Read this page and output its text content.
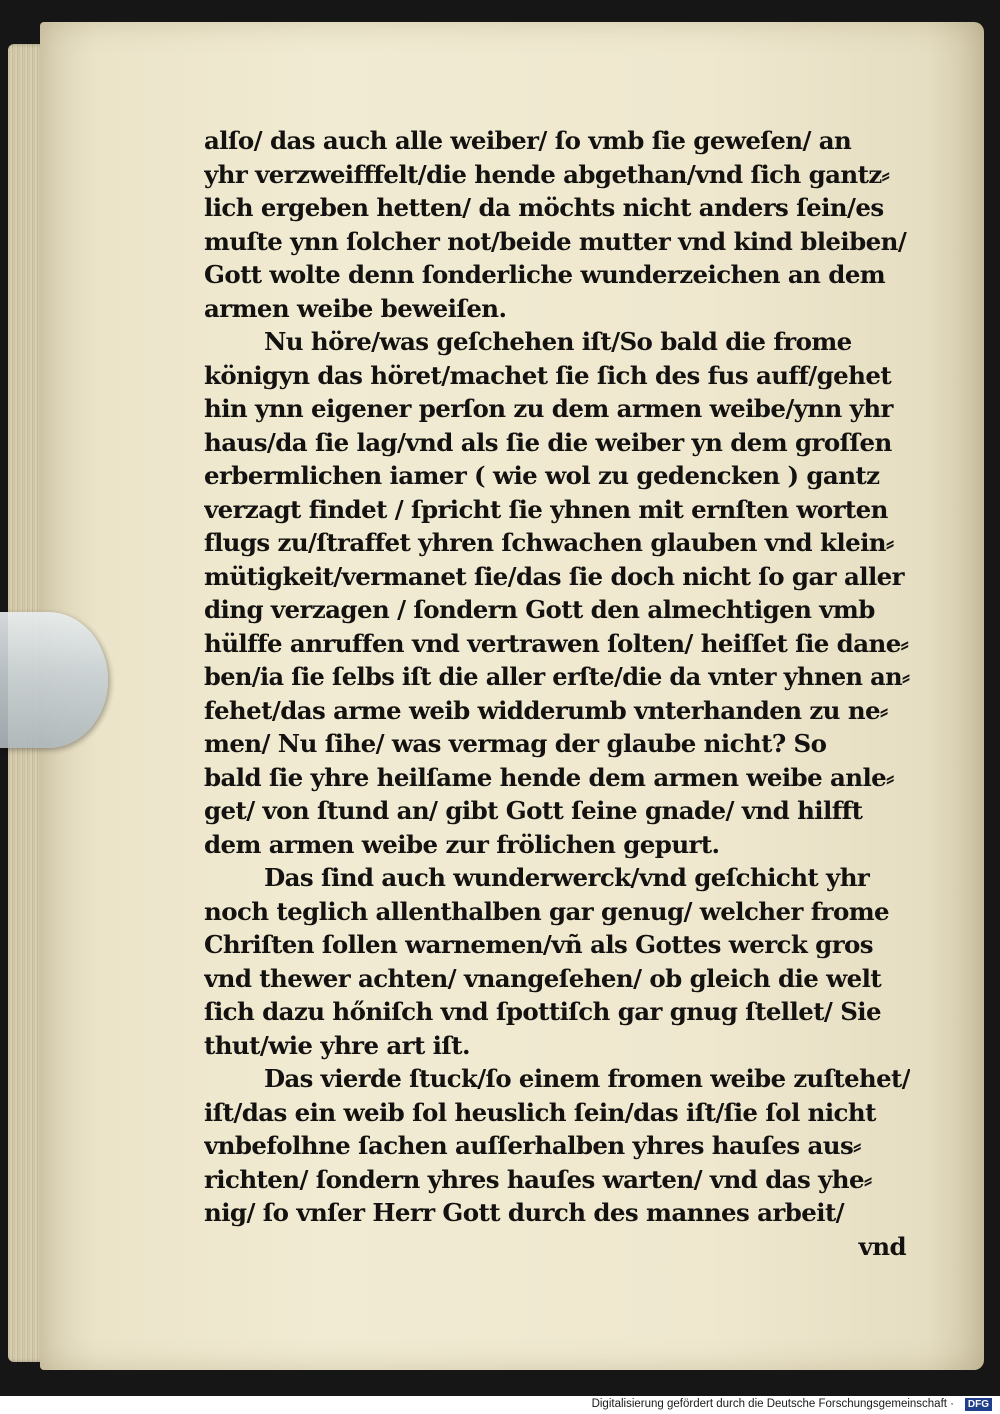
alſo/ das auch alle weiber/ ſo vmb ſie geweſen/ an
yhr verzweifffelt/die hende abgethan/vnd ſich gantz⸗
lich ergeben hetten/ da möchts nicht anders ſein/es
muſte ynn ſolcher not/beide mutter vnd kind bleiben/
Gott wolte denn ſonderliche wunderzeichen an dem
armen weibe beweiſen.
Nu höre/was geſchehen iſt/So bald die frome
königyn das höret/machet ſie ſich des fus auff/gehet
hin ynn eigener perſon zu dem armen weibe/ynn yhr
haus/da ſie lag/vnd als ſie die weiber yn dem groſſen
erbermlichen iamer ( wie wol zu gedencken ) gantz
verzagt findet / ſpricht ſie yhnen mit ernſten worten
flugs zu/ſtraffet yhren ſchwachen glauben vnd klein⸗
mütigkeit/vermanet ſie/das ſie doch nicht ſo gar aller
ding verzagen / ſondern Gott den almechtigen vmb
hülffe anruffen vnd vertrawen ſolten/ heiſſet ſie dane⸗
ben/ia ſie ſelbs iſt die aller erſte/die da vnter yhnen an⸗
fehet/das arme weib widderumb vnterhanden zu ne⸗
men/ Nu ſihe/ was vermag der glaube nicht? So
bald ſie yhre heilſame hende dem armen weibe anle⸗
get/ von ſtund an/ gibt Gott ſeine gnade/ vnd hilfft
dem armen weibe zur frölichen gepurt.
Das ſind auch wunderwerck/vnd geſchicht yhr
noch teglich allenthalben gar genug/ welcher frome
Chriſten ſollen warnemen/vñ als Gottes werck gros
vnd thewer achten/ vnangeſehen/ ob gleich die welt
ſich dazu hőniſch vnd ſpottiſch gar gnug ſtellet/ Sie
thut/wie yhre art iſt.
Das vierde ſtuck/ſo einem fromen weibe zuſtehet/
iſt/das ein weib ſol heuslich ſein/das iſt/ſie ſol nicht
vnbefolhne ſachen auſſerhalben yhres hauſes aus⸗
richten/ ſondern yhres hauſes warten/ vnd das yhe⸗
nig/ ſo vnſer Herr Gott durch des mannes arbeit/
vnd
Digitalisierung gefördert durch die Deutsche Forschungsgemeinschaft ·	DFG
